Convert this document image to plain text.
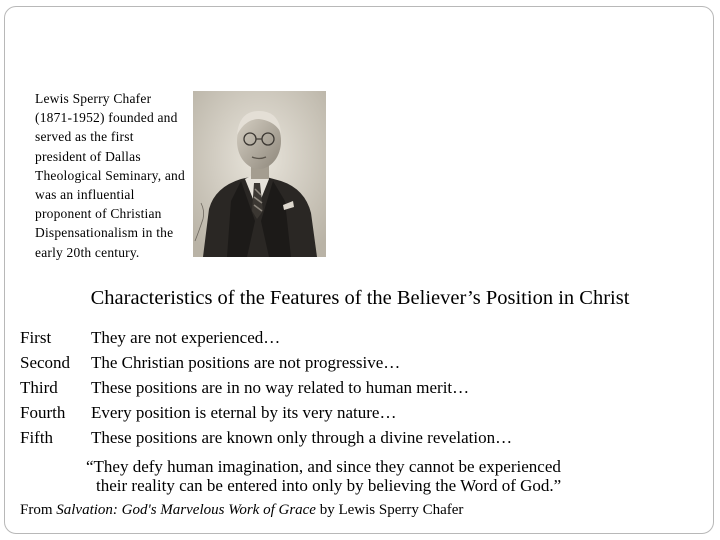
Lewis Sperry Chafer (1871-1952) founded and served as the first president of Dallas Theological Seminary, and was an influential proponent of Christian Dispensationalism in the early 20th century.
Characteristics of the Features of the Believer’s Position in Christ
First They are not experienced…
Second The Christian positions are not progressive…
Third These positions are in no way related to human merit…
Fourth Every position is eternal by its very nature…
Fifth These positions are known only through a divine revelation…
“They defy human imagination, and since they cannot be experienced
their reality can be entered into only by believing the Word of God.”
From Salvation: God's Marvelous Work of Grace by Lewis Sperry Chafer
